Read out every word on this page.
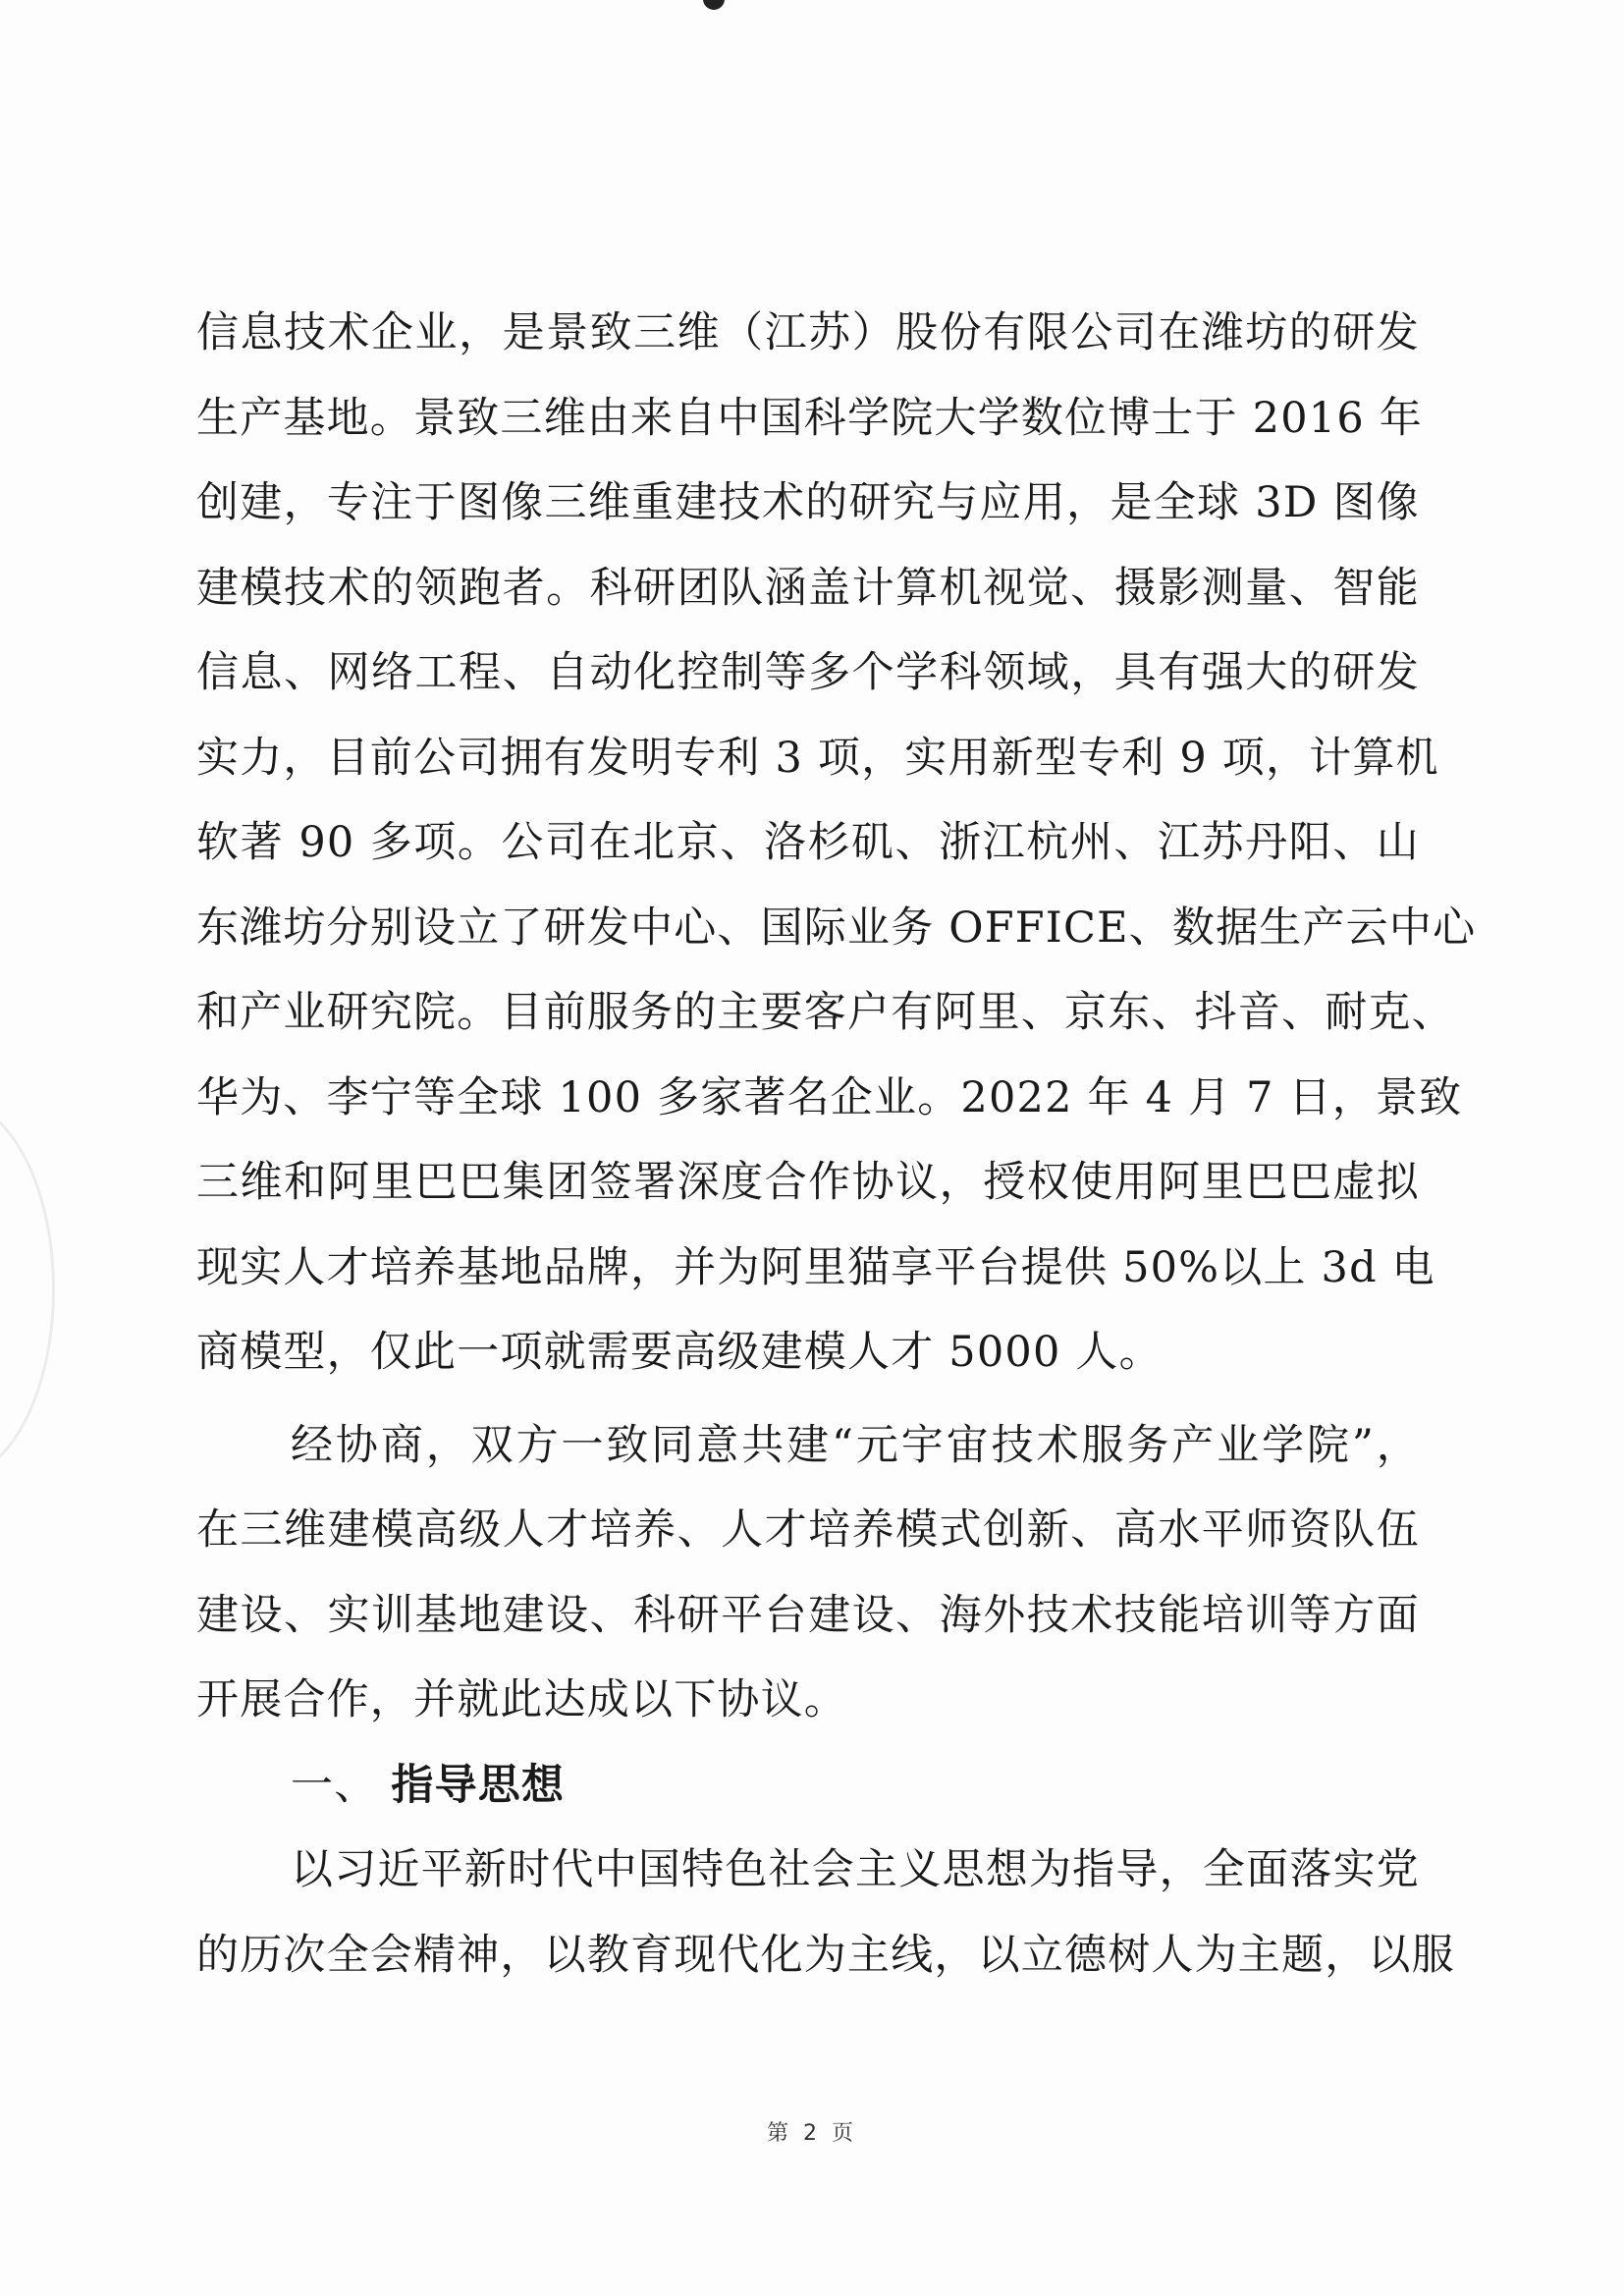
信息技术企业，是景致三维（江苏）股份有限公司在潍坊的研发
生产基地。景致三维由来自中国科学院大学数位博士于 2016 年
创建，专注于图像三维重建技术的研究与应用，是全球 3D 图像
建模技术的领跑者。科研团队涵盖计算机视觉、摄影测量、智能
信息、网络工程、自动化控制等多个学科领域，具有强大的研发
实力，目前公司拥有发明专利 3 项，实用新型专利 9 项，计算机
软著 90 多项。公司在北京、洛杉矶、浙江杭州、江苏丹阳、山
东潍坊分别设立了研发中心、国际业务 OFFICE、数据生产云中心
和产业研究院。目前服务的主要客户有阿里、京东、抖音、耐克、
华为、李宁等全球 100 多家著名企业。2022 年 4 月 7 日，景致
三维和阿里巴巴集团签署深度合作协议，授权使用阿里巴巴虚拟
现实人才培养基地品牌，并为阿里猫享平台提供 50%以上 3d 电
商模型，仅此一项就需要高级建模人才 5000 人。
经协商，双方一致同意共建“元宇宙技术服务产业学院”，
在三维建模高级人才培养、人才培养模式创新、高水平师资队伍
建设、实训基地建设、科研平台建设、海外技术技能培训等方面
开展合作，并就此达成以下协议。
一、 指导思想
以习近平新时代中国特色社会主义思想为指导，全面落实党
的历次全会精神，以教育现代化为主线，以立德树人为主题，以服
第 2 页
